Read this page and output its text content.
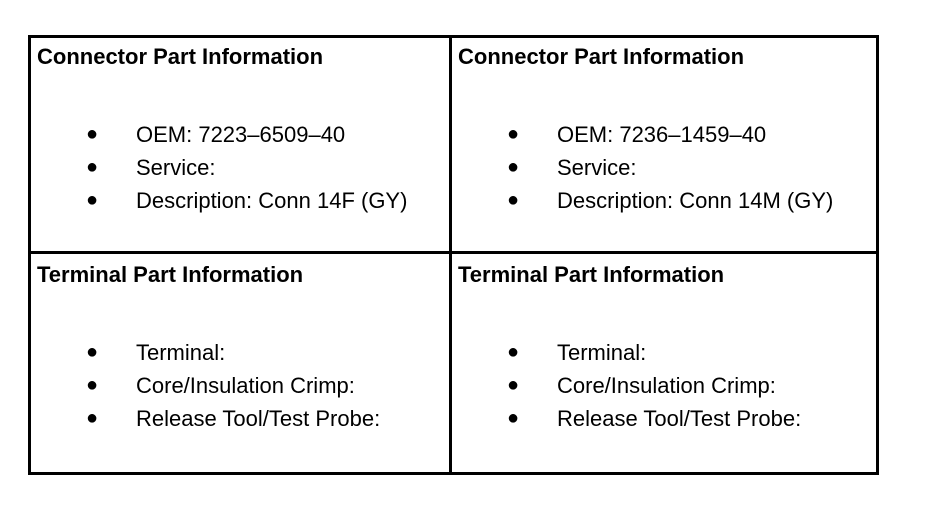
Connector Part Information
● OEM: 7223–6509–40
● Service:
● Description: Conn 14F (GY)
Connector Part Information
● OEM: 7236–1459–40
● Service:
● Description: Conn 14M (GY)
Terminal Part Information
● Terminal:
● Core/Insulation Crimp:
● Release Tool/Test Probe:
Terminal Part Information
● Terminal:
● Core/Insulation Crimp:
● Release Tool/Test Probe:
